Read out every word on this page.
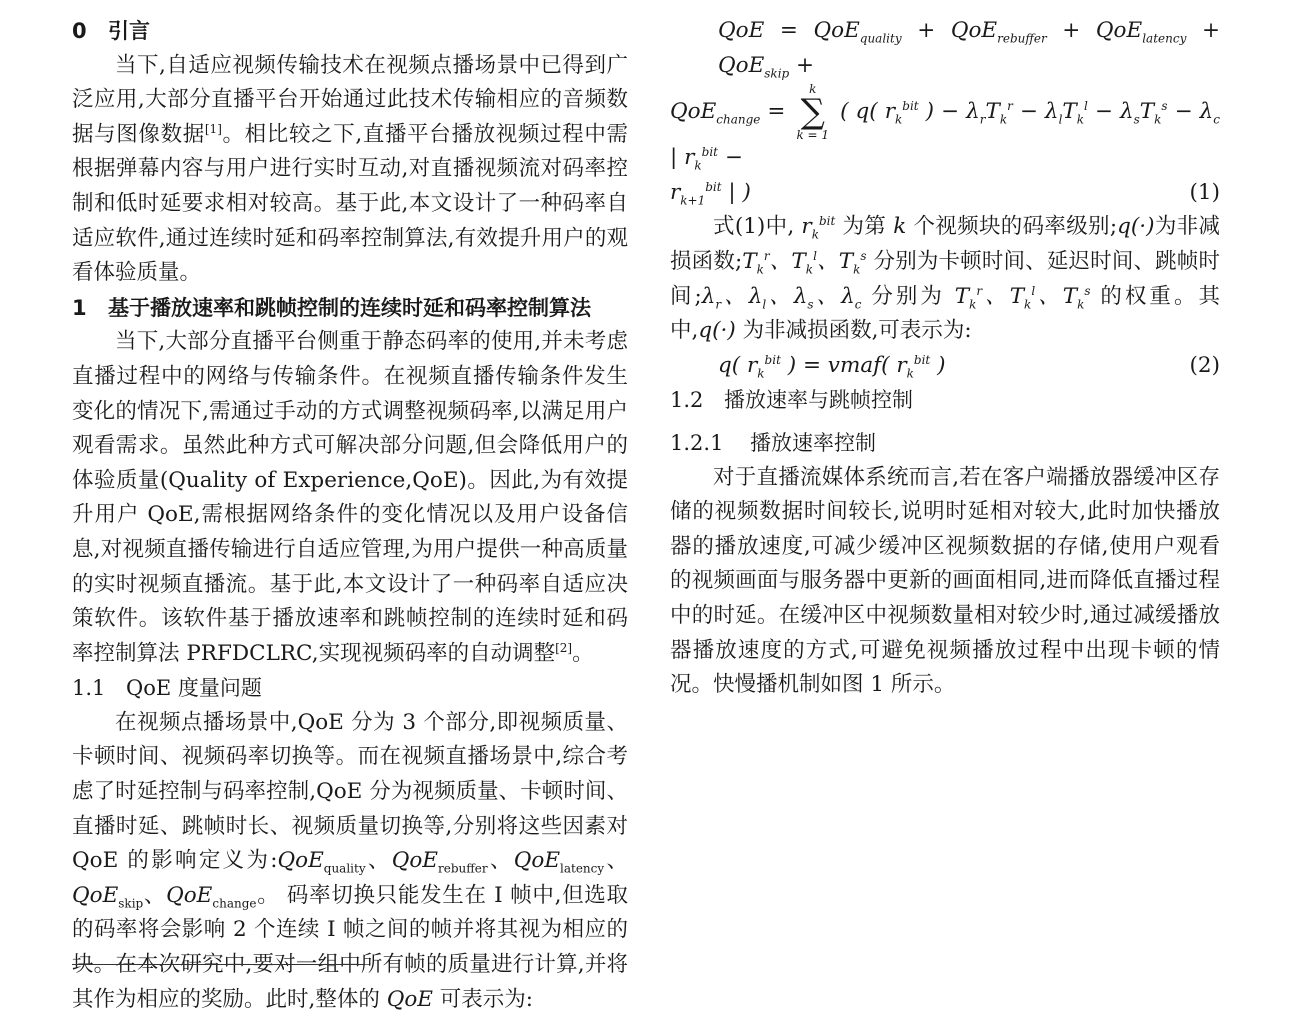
0 引言

当下,自适应视频传输技术在视频点播场景中已得到广泛应用,大部分直播平台开始通过此技术传输相应的音频数据与图像数据[1]。相比较之下,直播平台播放视频过程中需根据弹幕内容与用户进行实时互动,对直播视频流对码率控制和低时延要求相对较高。基于此,本文设计了一种码率自适应软件,通过连续时延和码率控制算法,有效提升用户的观看体验质量。

1 基于播放速率和跳帧控制的连续时延和码率控制算法

当下,大部分直播平台侧重于静态码率的使用,并未考虑直播过程中的网络与传输条件。在视频直播传输条件发生变化的情况下,需通过手动的方式调整视频码率,以满足用户观看需求。虽然此种方式可解决部分问题,但会降低用户的体验质量(Quality of Experience,QoE)。因此,为有效提升用户 QoE,需根据网络条件的变化情况以及用户设备信息,对视频直播传输进行自适应管理,为用户提供一种高质量的实时视频直播流。基于此,本文设计了一种码率自适应决策软件。该软件基于播放速率和跳帧控制的连续时延和码率控制算法 PRFDCLRC,实现视频码率的自动调整[2]。

1.1 QoE 度量问题

在视频点播场景中,QoE 分为 3 个部分,即视频质量、卡顿时间、视频码率切换等。而在视频直播场景中,综合考虑了时延控制与码率控制,QoE 分为视频质量、卡顿时间、直播时延、跳帧时长、视频质量切换等,分别将这些因素对 QoE 的影响定义为:QoE$_{quality}$、QoE$_{rebuffer}$、QoE$_{latency}$、QoE$_{skip}$、QoE$_{change}$。 码率切换只能发生在 I 帧中,但选取的码率将会影响 2 个连续 I 帧之间的帧并将其视为相应的块。在本次研究中,要对一组中所有帧的质量进行计算,并将其作为相应的奖励。此时,整体的 QoE 可表示为:

QoE = QoE$_{quality}$ + QoE$_{rebuffer}$ + QoE$_{latency}$ + QoE$_{skip}$ +

QoE$_{change}$ =
k
∑
k = 1
( q( $r_k^{bit}$ ) − $\lambda_rT_k^r - \lambda_lT_k^l - \lambda_sT_k^s - \lambda_c$ | $r_k^{bit}$ −

$r_{k+1}^{bit}$ | )	(1)

式(1)中, $r_k^{bit}$ 为第 k 个视频块的码率级别;q(·)为非减损函数$;T_k^r$、$T_k^l$、$T_k^s$ 分别为卡顿时间、延迟时间、跳帧时间$;\lambda_r$、$\lambda_l$、$\lambda_s$、$\lambda_c$ 分别为 $T_k^r$、$T_k^l$、$T_k^s$ 的权重。其中,q(·) 为非减损函数,可表示为:

q( $r_k^{bit}$ ) = vmaf( $r_k^{bit}$ )	(2)

1.2 播放速率与跳帧控制

1.2.1 播放速率控制

对于直播流媒体系统而言,若在客户端播放器缓冲区存储的视频数据时间较长,说明时延相对较大,此时加快播放器的播放速度,可减少缓冲区视频数据的存储,使用户观看的视频画面与服务器中更新的画面相同,进而降低直播过程中的时延。在缓冲区中视频数量相对较少时,通过减缓播放器播放速度的方式,可避免视频播放过程中出现卡顿的情况。快慢播机制如图 1 所示。
